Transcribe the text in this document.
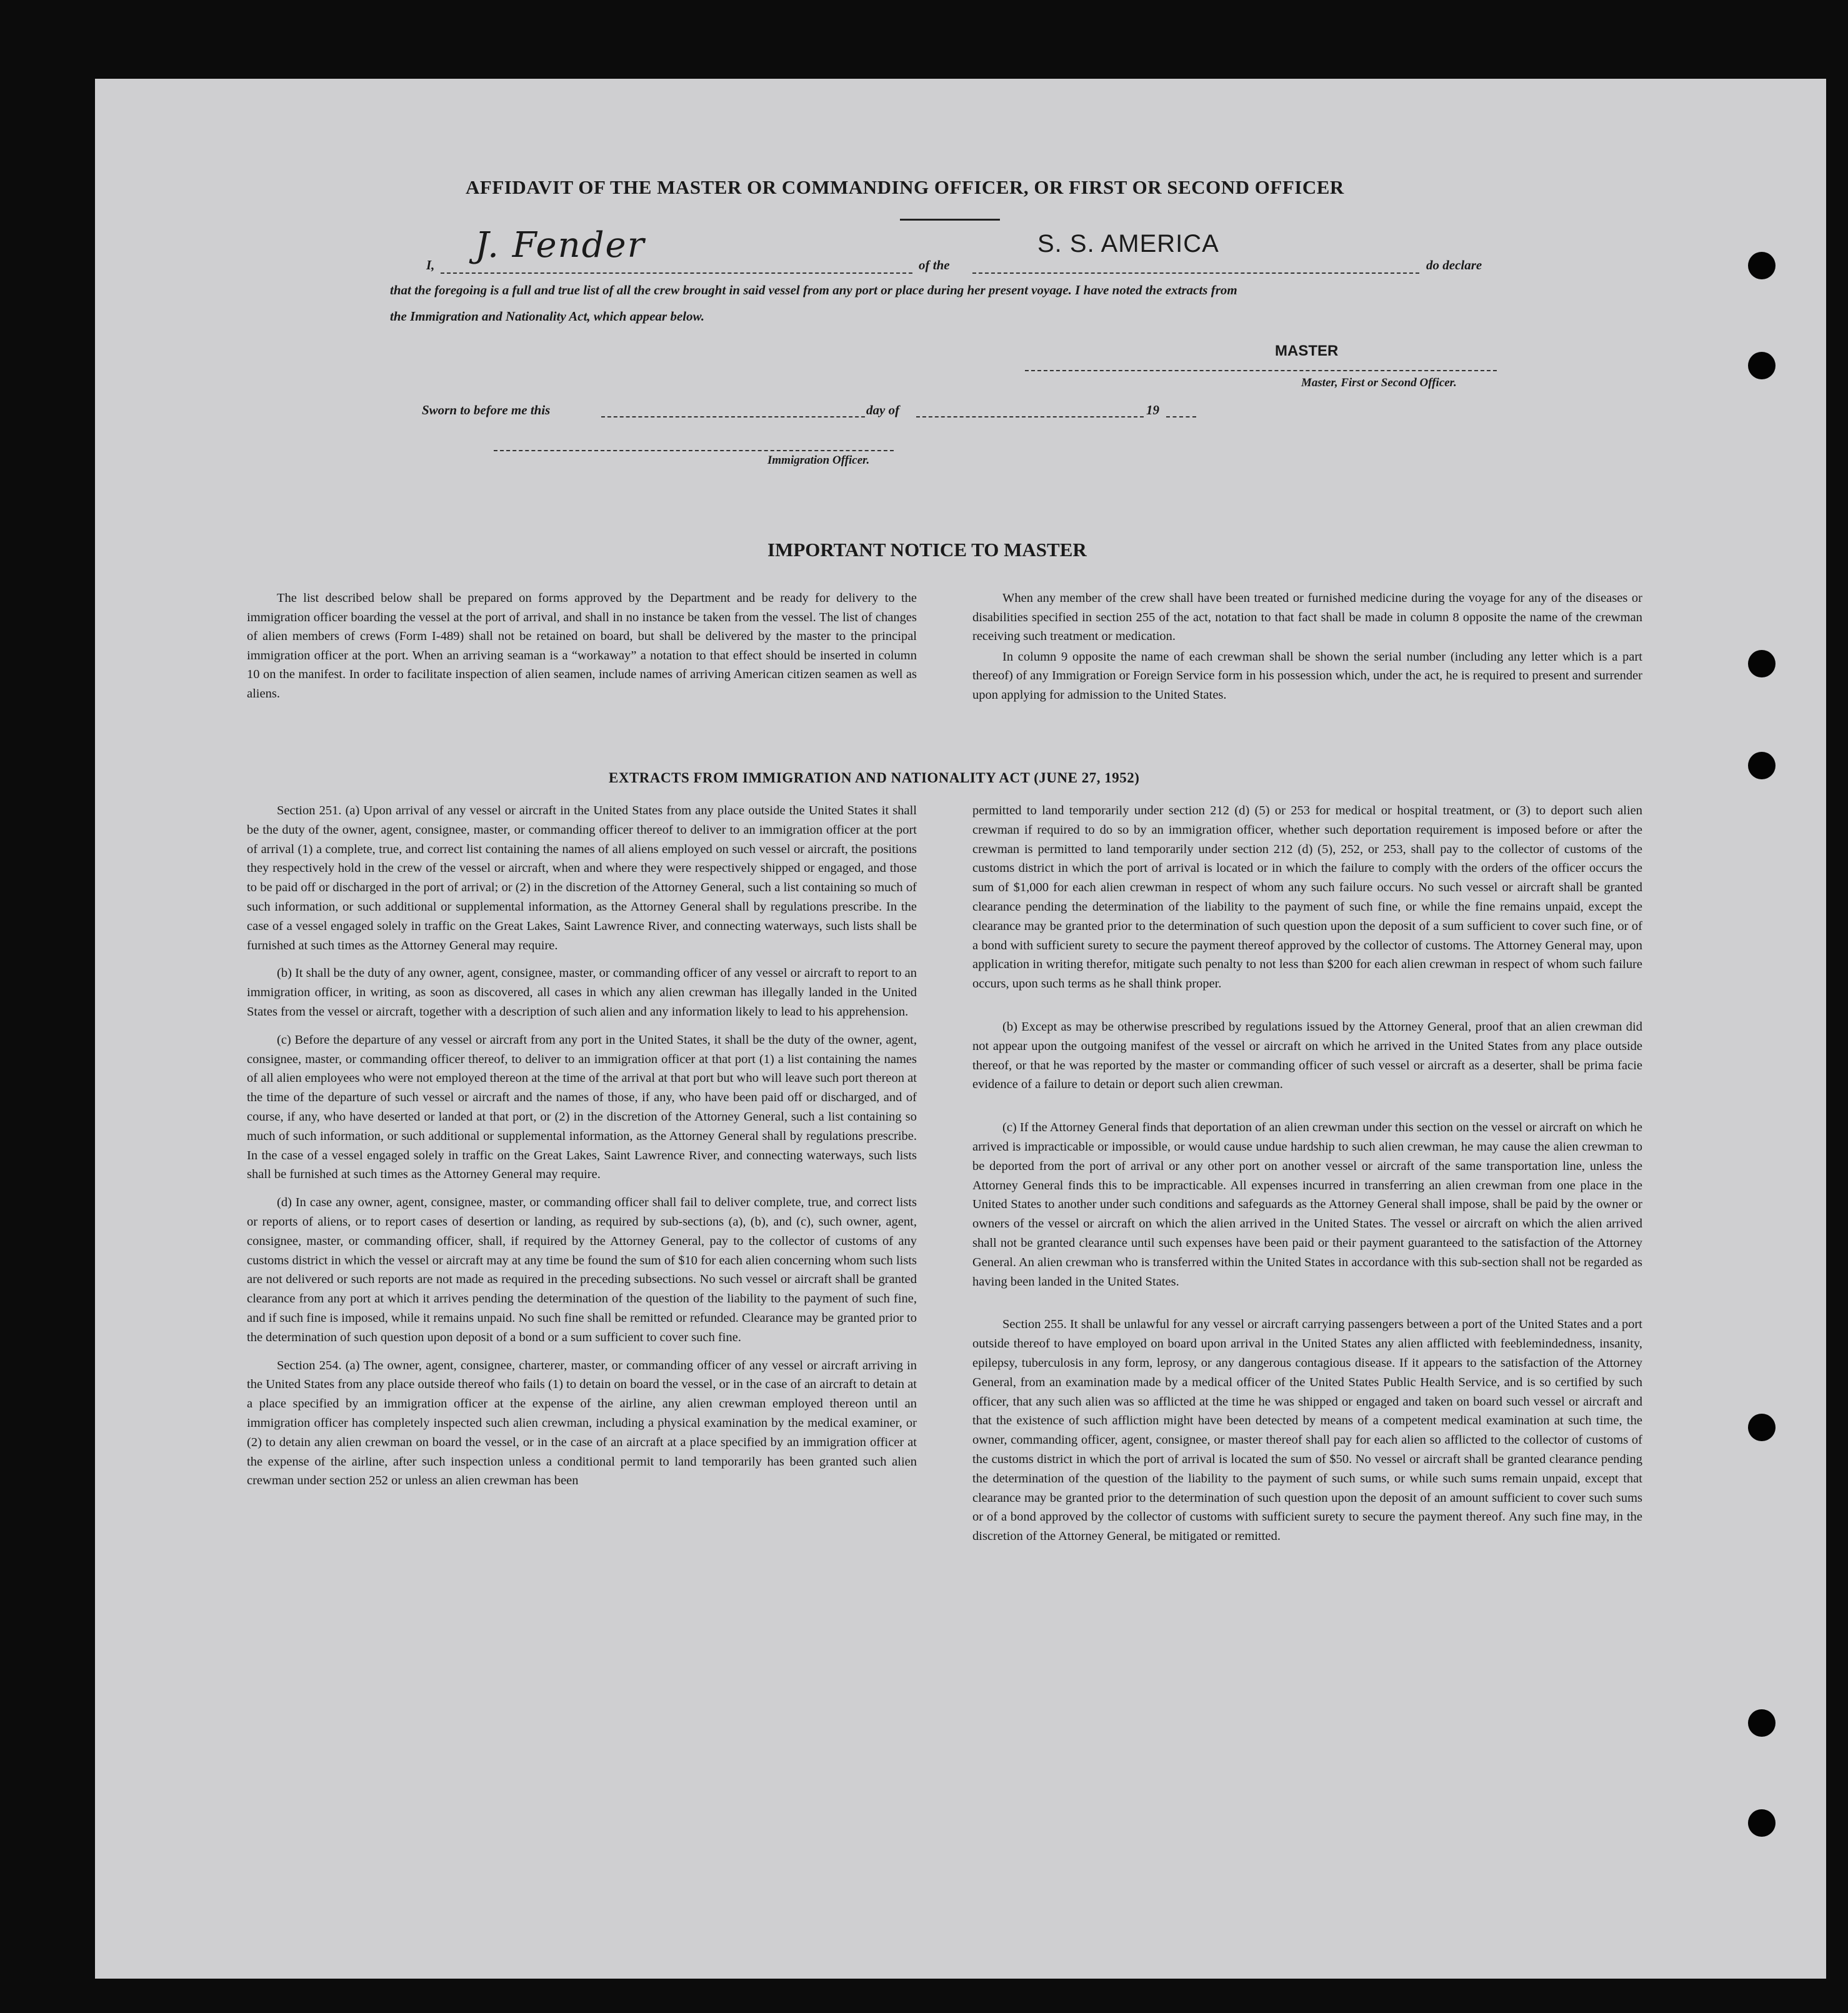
AFFIDAVIT OF THE MASTER OR COMMANDING OFFICER, OR FIRST OR SECOND OFFICER
I, J. Fender	of the
S. S. AMERICA
do declare
that the foregoing is a full and true list of all the crew brought in said vessel from any port or place during her present voyage. I have noted the extracts from
the Immigration and Nationality Act, which appear below.
MASTER
Master, First or Second Officer.
Sworn to before me this	day of	19
Immigration Officer.
IMPORTANT NOTICE TO MASTER

The list described below shall be prepared on forms approved by the Department and be ready for delivery to the immigration officer boarding the vessel at the port of arrival, and shall in no instance be taken from the vessel. The list of changes of alien members of crews (Form I-489) shall not be retained on board, but shall be delivered by the master to the principal immigration officer at the port. When an arriving seaman is a “workaway” a notation to that effect should be inserted in column 10 on the manifest. In order to facilitate inspection of alien seamen, include names of arriving American citizen seamen as well as aliens.

When any member of the crew shall have been treated or furnished medicine during the voyage for any of the diseases or disabilities specified in section 255 of the act, notation to that fact shall be made in column 8 opposite the name of the crewman receiving such treatment or medication.

In column 9 opposite the name of each crewman shall be shown the serial number (including any letter which is a part thereof) of any Immigration or Foreign Service form in his possession which, under the act, he is required to present and surrender upon applying for admission to the United States.

EXTRACTS FROM IMMIGRATION AND NATIONALITY ACT (JUNE 27, 1952)

Section 251. (a) Upon arrival of any vessel or aircraft in the United States from any place outside the United States it shall be the duty of the owner, agent, consignee, master, or commanding officer thereof to deliver to an immigration officer at the port of arrival (1) a complete, true, and correct list containing the names of all aliens employed on such vessel or aircraft, the positions they respectively hold in the crew of the vessel or aircraft, when and where they were respectively shipped or engaged, and those to be paid off or discharged in the port of arrival; or (2) in the discretion of the Attorney General, such a list containing so much of such information, or such additional or supplemental information, as the Attorney General shall by regulations prescribe. In the case of a vessel engaged solely in traffic on the Great Lakes, Saint Lawrence River, and connecting waterways, such lists shall be furnished at such times as the Attorney General may require.

(b) It shall be the duty of any owner, agent, consignee, master, or commanding officer of any vessel or aircraft to report to an immigration officer, in writing, as soon as discovered, all cases in which any alien crewman has illegally landed in the United States from the vessel or aircraft, together with a description of such alien and any information likely to lead to his apprehension.

(c) Before the departure of any vessel or aircraft from any port in the United States, it shall be the duty of the owner, agent, consignee, master, or commanding officer thereof, to deliver to an immigration officer at that port (1) a list containing the names of all alien employees who were not employed thereon at the time of the arrival at that port but who will leave such port thereon at the time of the departure of such vessel or aircraft and the names of those, if any, who have been paid off or discharged, and of course, if any, who have deserted or landed at that port, or (2) in the discretion of the Attorney General, such a list containing so much of such information, or such additional or supplemental information, as the Attorney General shall by regulations prescribe. In the case of a vessel engaged solely in traffic on the Great Lakes, Saint Lawrence River, and connecting waterways, such lists shall be furnished at such times as the Attorney General may require.

(d) In case any owner, agent, consignee, master, or commanding officer shall fail to deliver complete, true, and correct lists or reports of aliens, or to report cases of desertion or landing, as required by sub-sections (a), (b), and (c), such owner, agent, consignee, master, or commanding officer, shall, if required by the Attorney General, pay to the collector of customs of any customs district in which the vessel or aircraft may at any time be found the sum of $10 for each alien concerning whom such lists are not delivered or such reports are not made as required in the preceding subsections. No such vessel or aircraft shall be granted clearance from any port at which it arrives pending the determination of the question of the liability to the payment of such fine, and if such fine is imposed, while it remains unpaid. No such fine shall be remitted or refunded. Clearance may be granted prior to the determination of such question upon deposit of a bond or a sum sufficient to cover such fine.

Section 254. (a) The owner, agent, consignee, charterer, master, or commanding officer of any vessel or aircraft arriving in the United States from any place outside thereof who fails (1) to detain on board the vessel, or in the case of an aircraft to detain at a place specified by an immigration officer at the expense of the airline, any alien crewman employed thereon until an immigration officer has completely inspected such alien crewman, including a physical examination by the medical examiner, or (2) to detain any alien crewman on board the vessel, or in the case of an aircraft at a place specified by an immigration officer at the expense of the airline, after such inspection unless a conditional permit to land temporarily has been granted such alien crewman under section 252 or unless an alien crewman has been

permitted to land temporarily under section 212 (d) (5) or 253 for medical or hospital treatment, or (3) to deport such alien crewman if required to do so by an immigration officer, whether such deportation requirement is imposed before or after the crewman is permitted to land temporarily under section 212 (d) (5), 252, or 253, shall pay to the collector of customs of the customs district in which the port of arrival is located or in which the failure to comply with the orders of the officer occurs the sum of $1,000 for each alien crewman in respect of whom any such failure occurs. No such vessel or aircraft shall be granted clearance pending the determination of the liability to the payment of such fine, or while the fine remains unpaid, except the clearance may be granted prior to the determination of such question upon the deposit of a sum sufficient to cover such fine, or of a bond with sufficient surety to secure the payment thereof approved by the collector of customs. The Attorney General may, upon application in writing therefor, mitigate such penalty to not less than $200 for each alien crewman in respect of whom such failure occurs, upon such terms as he shall think proper.

(b) Except as may be otherwise prescribed by regulations issued by the Attorney General, proof that an alien crewman did not appear upon the outgoing manifest of the vessel or aircraft on which he arrived in the United States from any place outside thereof, or that he was reported by the master or commanding officer of such vessel or aircraft as a deserter, shall be prima facie evidence of a failure to detain or deport such alien crewman.

(c) If the Attorney General finds that deportation of an alien crewman under this section on the vessel or aircraft on which he arrived is impracticable or impossible, or would cause undue hardship to such alien crewman, he may cause the alien crewman to be deported from the port of arrival or any other port on another vessel or aircraft of the same transportation line, unless the Attorney General finds this to be impracticable. All expenses incurred in transferring an alien crewman from one place in the United States to another under such conditions and safeguards as the Attorney General shall impose, shall be paid by the owner or owners of the vessel or aircraft on which the alien arrived in the United States. The vessel or aircraft on which the alien arrived shall not be granted clearance until such expenses have been paid or their payment guaranteed to the satisfaction of the Attorney General. An alien crewman who is transferred within the United States in accordance with this sub-section shall not be regarded as having been landed in the United States.

Section 255. It shall be unlawful for any vessel or aircraft carrying passengers between a port of the United States and a port outside thereof to have employed on board upon arrival in the United States any alien afflicted with feeblemindedness, insanity, epilepsy, tuberculosis in any form, leprosy, or any dangerous contagious disease. If it appears to the satisfaction of the Attorney General, from an examination made by a medical officer of the United States Public Health Service, and is so certified by such officer, that any such alien was so afflicted at the time he was shipped or engaged and taken on board such vessel or aircraft and that the existence of such affliction might have been detected by means of a competent medical examination at such time, the owner, commanding officer, agent, consignee, or master thereof shall pay for each alien so afflicted to the collector of customs of the customs district in which the port of arrival is located the sum of $50. No vessel or aircraft shall be granted clearance pending the determination of the question of the liability to the payment of such sums, or while such sums remain unpaid, except that clearance may be granted prior to the determination of such question upon the deposit of an amount sufficient to cover such sums or of a bond approved by the collector of customs with sufficient surety to secure the payment thereof. Any such fine may, in the discretion of the Attorney General, be mitigated or remitted.
